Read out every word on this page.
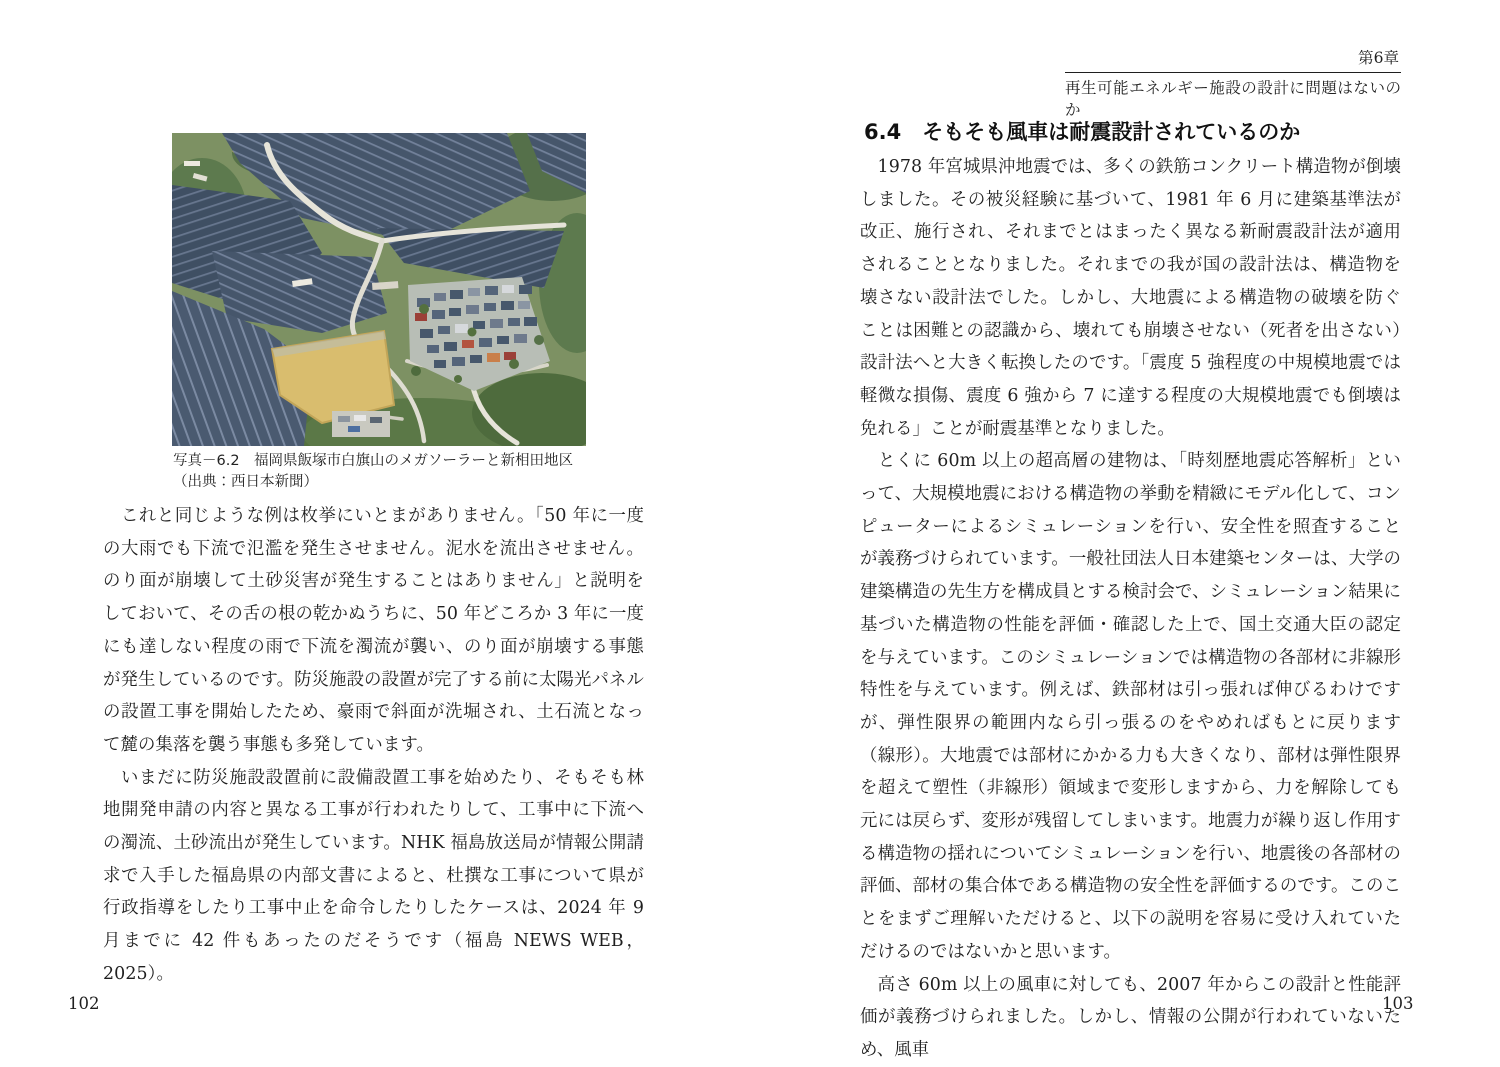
写真－6.2　福岡県飯塚市白旗山のメガソーラーと新相田地区
（出典：西日本新聞）

　これと同じような例は枚挙にいとまがありません。「50 年に一度の大雨でも下流で氾濫を発生させません。泥水を流出させません。のり面が崩壊して土砂災害が発生することはありません」と説明をしておいて、その舌の根の乾かぬうちに、50 年どころか 3 年に一度にも達しない程度の雨で下流を濁流が襲い、のり面が崩壊する事態が発生しているのです。防災施設の設置が完了する前に太陽光パネルの設置工事を開始したため、豪雨で斜面が洗堀され、土石流となって麓の集落を襲う事態も多発しています。

　いまだに防災施設設置前に設備設置工事を始めたり、そもそも林地開発申請の内容と異なる工事が行われたりして、工事中に下流への濁流、土砂流出が発生しています。NHK 福島放送局が情報公開請求で入手した福島県の内部文書によると、杜撰な工事について県が行政指導をしたり工事中止を命令したりしたケースは、2024 年 9 月までに 42 件もあったのだそうです（福島 NEWS WEB，2025）。

102
第6章
再生可能エネルギー施設の設計に問題はないのか
6.4　そもそも風車は耐震設計されているのか

　1978 年宮城県沖地震では、多くの鉄筋コンクリート構造物が倒壊しました。その被災経験に基づいて、1981 年 6 月に建築基準法が改正、施行され、それまでとはまったく異なる新耐震設計法が適用されることとなりました。それまでの我が国の設計法は、構造物を壊さない設計法でした。しかし、大地震による構造物の破壊を防ぐことは困難との認識から、壊れても崩壊させない（死者を出さない）設計法へと大きく転換したのです。「震度 5 強程度の中規模地震では軽微な損傷、震度 6 強から 7 に達する程度の大規模地震でも倒壊は免れる」ことが耐震基準となりました。

　とくに 60m 以上の超高層の建物は、「時刻歴地震応答解析」といって、大規模地震における構造物の挙動を精緻にモデル化して、コンピューターによるシミュレーションを行い、安全性を照査することが義務づけられています。一般社団法人日本建築センターは、大学の建築構造の先生方を構成員とする検討会で、シミュレーション結果に基づいた構造物の性能を評価・確認した上で、国土交通大臣の認定を与えています。このシミュレーションでは構造物の各部材に非線形特性を与えています。例えば、鉄部材は引っ張れば伸びるわけですが、弾性限界の範囲内なら引っ張るのをやめればもとに戻ります（線形）。大地震では部材にかかる力も大きくなり、部材は弾性限界を超えて塑性（非線形）領域まで変形しますから、力を解除しても元には戻らず、変形が残留してしまいます。地震力が繰り返し作用する構造物の揺れについてシミュレーションを行い、地震後の各部材の評価、部材の集合体である構造物の安全性を評価するのです。このことをまずご理解いただけると、以下の説明を容易に受け入れていただけるのではないかと思います。

　高さ 60m 以上の風車に対しても、2007 年からこの設計と性能評価が義務づけられました。しかし、情報の公開が行われていないため、風車

103
